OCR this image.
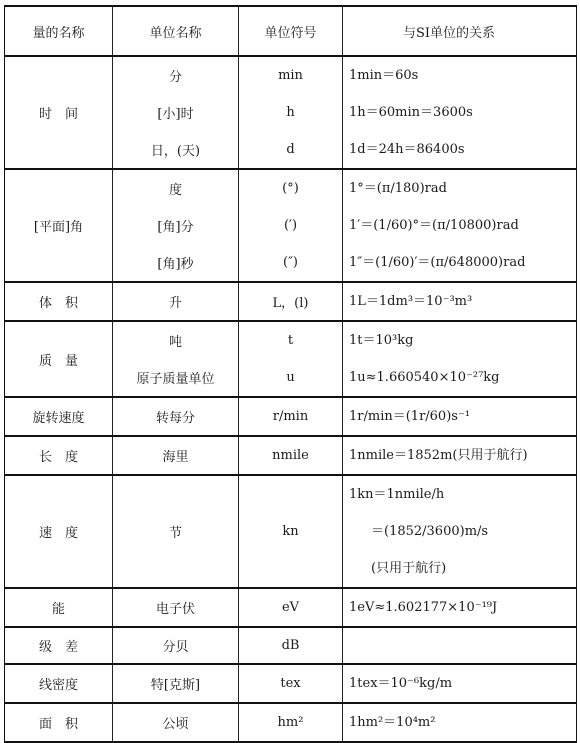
量的名称	单位名称	单位符号	与SI单位的关系
时　间	分	min	1min＝60s

	[小]时	h	1h＝60min＝3600s

	日，(天)	d	1d＝24h＝86400s

[平面]角	度	(°)	1°＝(π/180)rad

	[角]分	(′)	1′＝(1/60)°＝(π/10800)rad

	[角]秒	(″)	1″＝(1/60)′＝(π/648000)rad

体　积	升	L，(l)	1L＝1dm³＝10⁻³m³

质　量	吨	t	1t＝10³kg

	原子质量单位	u	1u≈1.660540×10⁻²⁷kg

旋转速度	转每分	r/min	1r/min＝(1r/60)s⁻¹

长　度	海里	nmile	1nmile＝1852m(只用于航行)

速　度	节	kn	1kn＝1nmile/h
＝(1852/3600)m/s
(只用于航行)

能	电子伏	eV	1eV≈1.602177×10⁻¹⁹J

级　差	分贝	dB	

线密度	特[克斯]	tex	1tex＝10⁻⁶kg/m

面　积	公顷	hm²	1hm²＝10⁴m²
